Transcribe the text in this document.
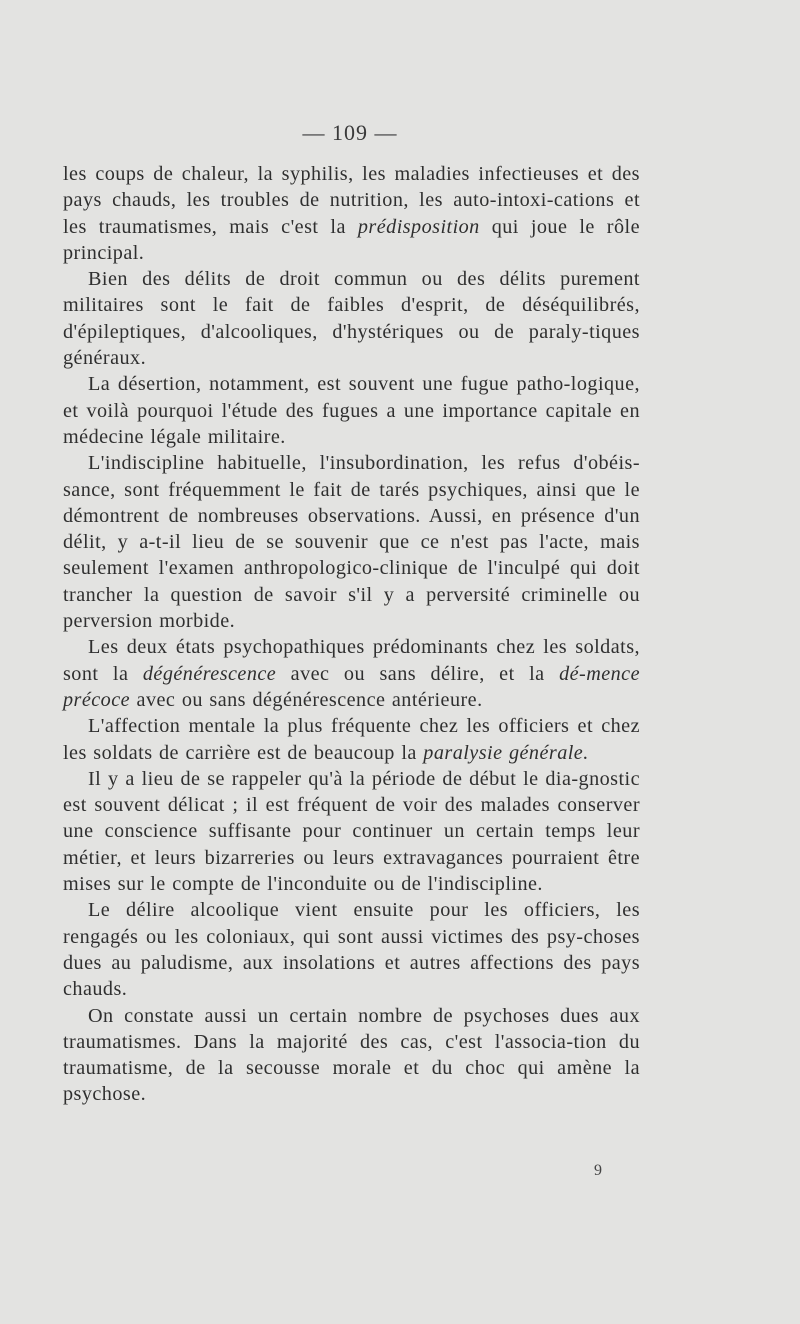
— 109 —

les coups de chaleur, la syphilis, les maladies infectieuses et des pays chauds, les troubles de nutrition, les auto-intoxi-cations et les traumatismes, mais c'est la prédisposition qui joue le rôle principal.

Bien des délits de droit commun ou des délits purement militaires sont le fait de faibles d'esprit, de déséquilibrés, d'épileptiques, d'alcooliques, d'hystériques ou de paraly-tiques généraux.

La désertion, notamment, est souvent une fugue patho-logique, et voilà pourquoi l'étude des fugues a une importance capitale en médecine légale militaire.

L'indiscipline habituelle, l'insubordination, les refus d'obéis-sance, sont fréquemment le fait de tarés psychiques, ainsi que le démontrent de nombreuses observations. Aussi, en présence d'un délit, y a-t-il lieu de se souvenir que ce n'est pas l'acte, mais seulement l'examen anthropologico-clinique de l'inculpé qui doit trancher la question de savoir s'il y a perversité criminelle ou perversion morbide.

Les deux états psychopathiques prédominants chez les soldats, sont la dégénérescence avec ou sans délire, et la dé-mence précoce avec ou sans dégénérescence antérieure.

L'affection mentale la plus fréquente chez les officiers et chez les soldats de carrière est de beaucoup la paralysie générale.

Il y a lieu de se rappeler qu'à la période de début le dia-gnostic est souvent délicat ; il est fréquent de voir des malades conserver une conscience suffisante pour continuer un certain temps leur métier, et leurs bizarreries ou leurs extravagances pourraient être mises sur le compte de l'inconduite ou de l'indiscipline.

Le délire alcoolique vient ensuite pour les officiers, les rengagés ou les coloniaux, qui sont aussi victimes des psy-choses dues au paludisme, aux insolations et autres affections des pays chauds.

On constate aussi un certain nombre de psychoses dues aux traumatismes. Dans la majorité des cas, c'est l'associa-tion du traumatisme, de la secousse morale et du choc qui amène la psychose.

9
